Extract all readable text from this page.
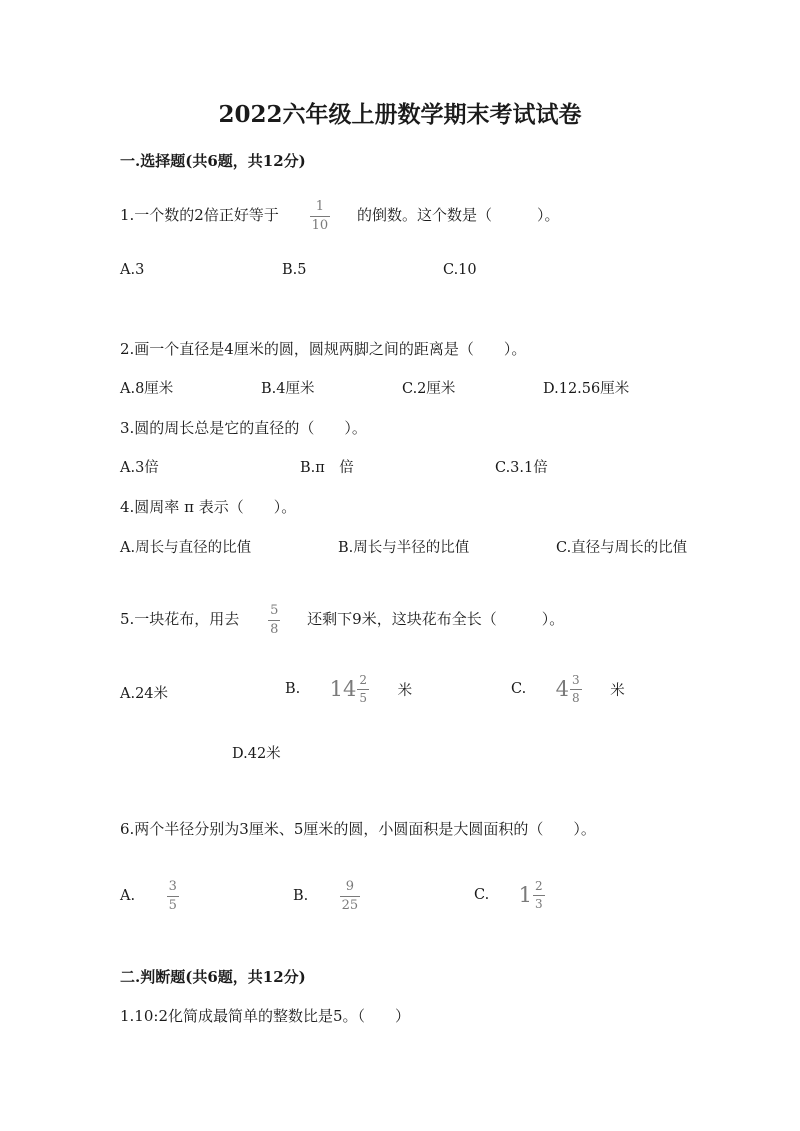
2022六年级上册数学期末考试试卷
一.选择题(共6题，共12分)
1.一个数的2倍正好等于 $\frac{1}{10}$ 的倒数。这个数是（　　　）。
A.3	B.5	C.10
2.画一个直径是4厘米的圆，圆规两脚之间的距离是（　　）。
A.8厘米	B.4厘米	C.2厘米	D.12.56厘米
3.圆的周长总是它的直径的（　　）。
A.3倍	B.π　倍	C.3.1倍
4.圆周率 π 表示（　　）。
A.周长与直径的比值	B.周长与半径的比值	C.直径与周长的比值
5.一块花布，用去 $\frac{5}{8}$ 还剩下9米，这块花布全长（　　　）。
A.24米	B. $14 \frac{2}{5}$ 米	C. $4 \frac{3}{8}$ 米
D.42米
6.两个半径分别为3厘米、5厘米的圆，小圆面积是大圆面积的（　　）。
A. $\frac{3}{5}$	B. $\frac{9}{25}$	C. $1 \frac{2}{3}$
二.判断题(共6题，共12分)
1.10:2化简成最简单的整数比是5。（　　）
